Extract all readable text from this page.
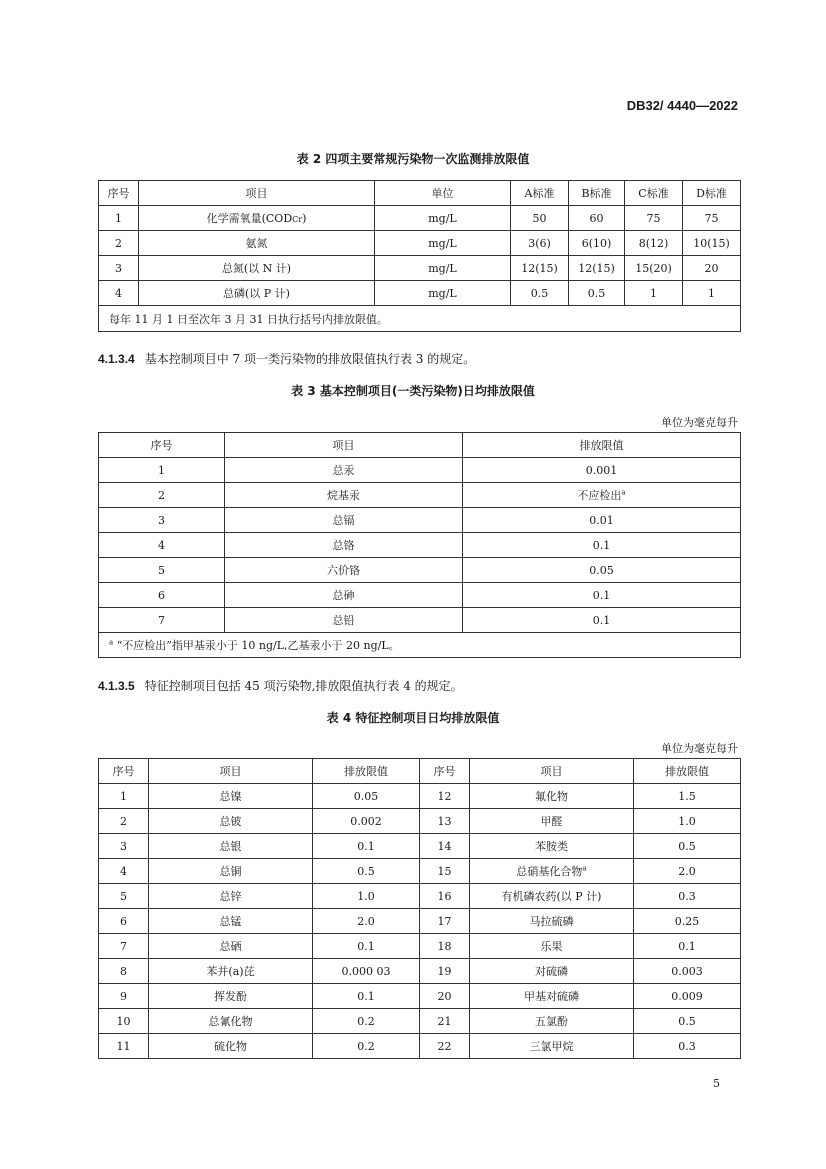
DB32/ 4440—2022
表 2 四项主要常规污染物一次监测排放限值
序号	项目	单位	A标准	B标准	C标准	D标准
1	化学需氧量(CODCr)	mg/L	50	60	75	75
2	氨氮	mg/L	3(6)	6(10)	8(12)	10(15)
3	总氮(以 N 计)	mg/L	12(15)	12(15)	15(20)	20
4	总磷(以 P 计)	mg/L	0.5	0.5	1	1
每年 11 月 1 日至次年 3 月 31 日执行括号内排放限值。						
4.1.3.4 基本控制项目中 7 项一类污染物的排放限值执行表 3 的规定。
表 3 基本控制项目(一类污染物)日均排放限值
单位为毫克每升
序号	项目	排放限值
1	总汞	0.001
2	烷基汞	不应检出$^a$
3	总镉	0.01
4	总铬	0.1
5	六价铬	0.05
6	总砷	0.1
7	总铅	0.1
$^a$ “不应检出”指甲基汞小于 10 ng/L,乙基汞小于 20 ng/L。		
4.1.3.5 特征控制项目包括 45 项污染物,排放限值执行表 4 的规定。
表 4 特征控制项目日均排放限值
单位为毫克每升
序号	项目	排放限值	序号	项目	排放限值
1	总镍	0.05	12	氟化物	1.5
2	总铍	0.002	13	甲醛	1.0
3	总银	0.1	14	苯胺类	0.5
4	总铜	0.5	15	总硝基化合物$^a$	2.0
5	总锌	1.0	16	有机磷农药(以 P 计)	0.3
6	总锰	2.0	17	马拉硫磷	0.25
7	总硒	0.1	18	乐果	0.1
8	苯并(a)芘	0.000 03	19	对硫磷	0.003
9	挥发酚	0.1	20	甲基对硫磷	0.009
10	总氰化物	0.2	21	五氯酚	0.5
11	硫化物	0.2	22	三氯甲烷	0.3
5
